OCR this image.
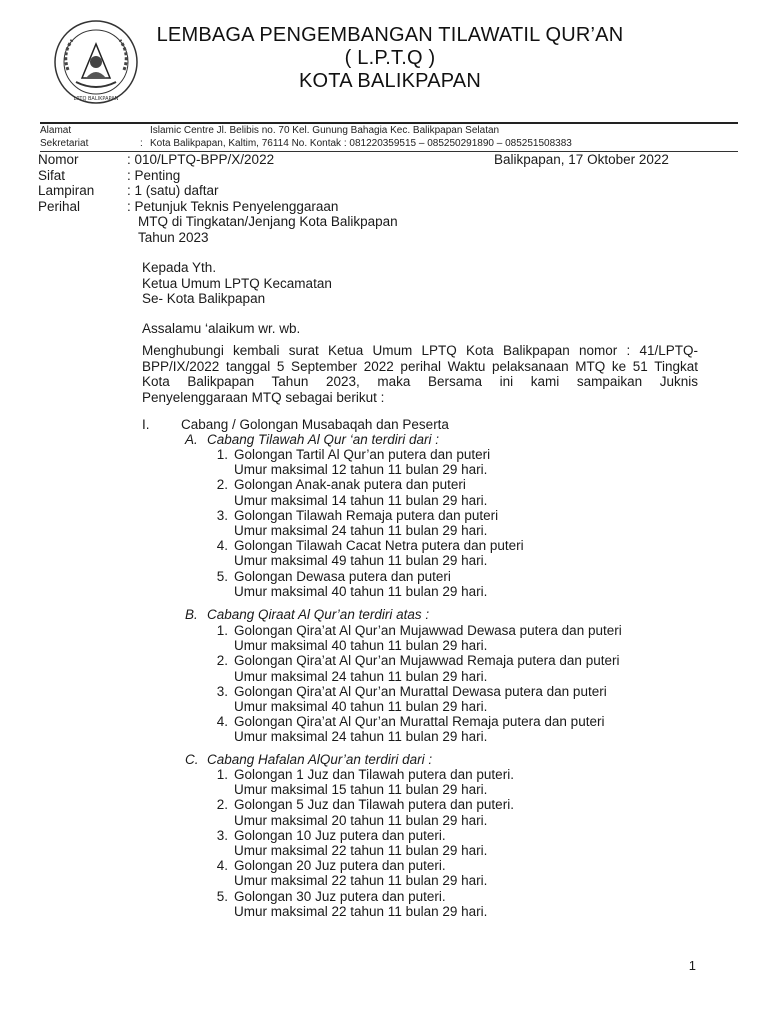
LPTQ BALIKPAPAN
LEMBAGA PENGEMBANGAN TILAWATIL QUR’AN
( L.P.T.Q )
KOTA BALIKPAPAN
Alamat	Islamic Centre Jl. Belibis no. 70 Kel. Gunung Bahagia Kec. Balikpapan Selatan
Sekretariat	: Kota Balikpapan, Kaltim, 76114 No. Kontak : 081220359515 – 085250291890 – 085251508383
Nomor	: 010/LPTQ-BPP/X/2022
Sifat	: Penting
Lampiran : 1 (satu) daftar
Perihal	: Petunjuk Teknis Penyelenggaraan
MTQ di Tingkatan/Jenjang Kota Balikpapan
Tahun 2023
Balikpapan, 17 Oktober 2022
Kepada Yth.
Ketua Umum LPTQ Kecamatan
Se- Kota Balikpapan
Assalamu ‘alaikum wr. wb.
Menghubungi kembali surat Ketua Umum LPTQ Kota Balikpapan nomor : 41/LPTQ-
BPP/IX/2022 tanggal 5 September 2022 perihal Waktu pelaksanaan MTQ ke 51 Tingkat
Kota Balikpapan Tahun 2023, maka Bersama ini kami sampaikan Juknis
Penyelenggaraan MTQ sebagai berikut :
I. Cabang / Golongan Musabaqah dan Peserta
A. Cabang Tilawah Al Qur ‘an terdiri dari :
1. Golongan Tartil Al Qur’an putera dan puteri
Umur maksimal 12 tahun 11 bulan 29 hari.
2. Golongan Anak-anak putera dan puteri
Umur maksimal 14 tahun 11 bulan 29 hari.
3. Golongan Tilawah Remaja putera dan puteri
Umur maksimal 24 tahun 11 bulan 29 hari.
4. Golongan Tilawah Cacat Netra putera dan puteri
Umur maksimal 49 tahun 11 bulan 29 hari.
5. Golongan Dewasa putera dan puteri
Umur maksimal 40 tahun 11 bulan 29 hari.
B. Cabang Qiraat Al Qur’an terdiri atas :
1. Golongan Qira’at Al Qur’an Mujawwad Dewasa putera dan puteri
Umur maksimal 40 tahun 11 bulan 29 hari.
2. Golongan Qira’at Al Qur’an Mujawwad Remaja putera dan puteri
Umur maksimal 24 tahun 11 bulan 29 hari.
3. Golongan Qira’at Al Qur’an Murattal Dewasa putera dan puteri
Umur maksimal 40 tahun 11 bulan 29 hari.
4. Golongan Qira’at Al Qur’an Murattal Remaja putera dan puteri
Umur maksimal 24 tahun 11 bulan 29 hari.
C. Cabang Hafalan AlQur’an terdiri dari :
1. Golongan 1 Juz dan Tilawah putera dan puteri.
Umur maksimal 15 tahun 11 bulan 29 hari.
2. Golongan 5 Juz dan Tilawah putera dan puteri.
Umur maksimal 20 tahun 11 bulan 29 hari.
3. Golongan 10 Juz putera dan puteri.
Umur maksimal 22 tahun 11 bulan 29 hari.
4. Golongan 20 Juz putera dan puteri.
Umur maksimal 22 tahun 11 bulan 29 hari.
5. Golongan 30 Juz putera dan puteri.
Umur maksimal 22 tahun 11 bulan 29 hari.
1
